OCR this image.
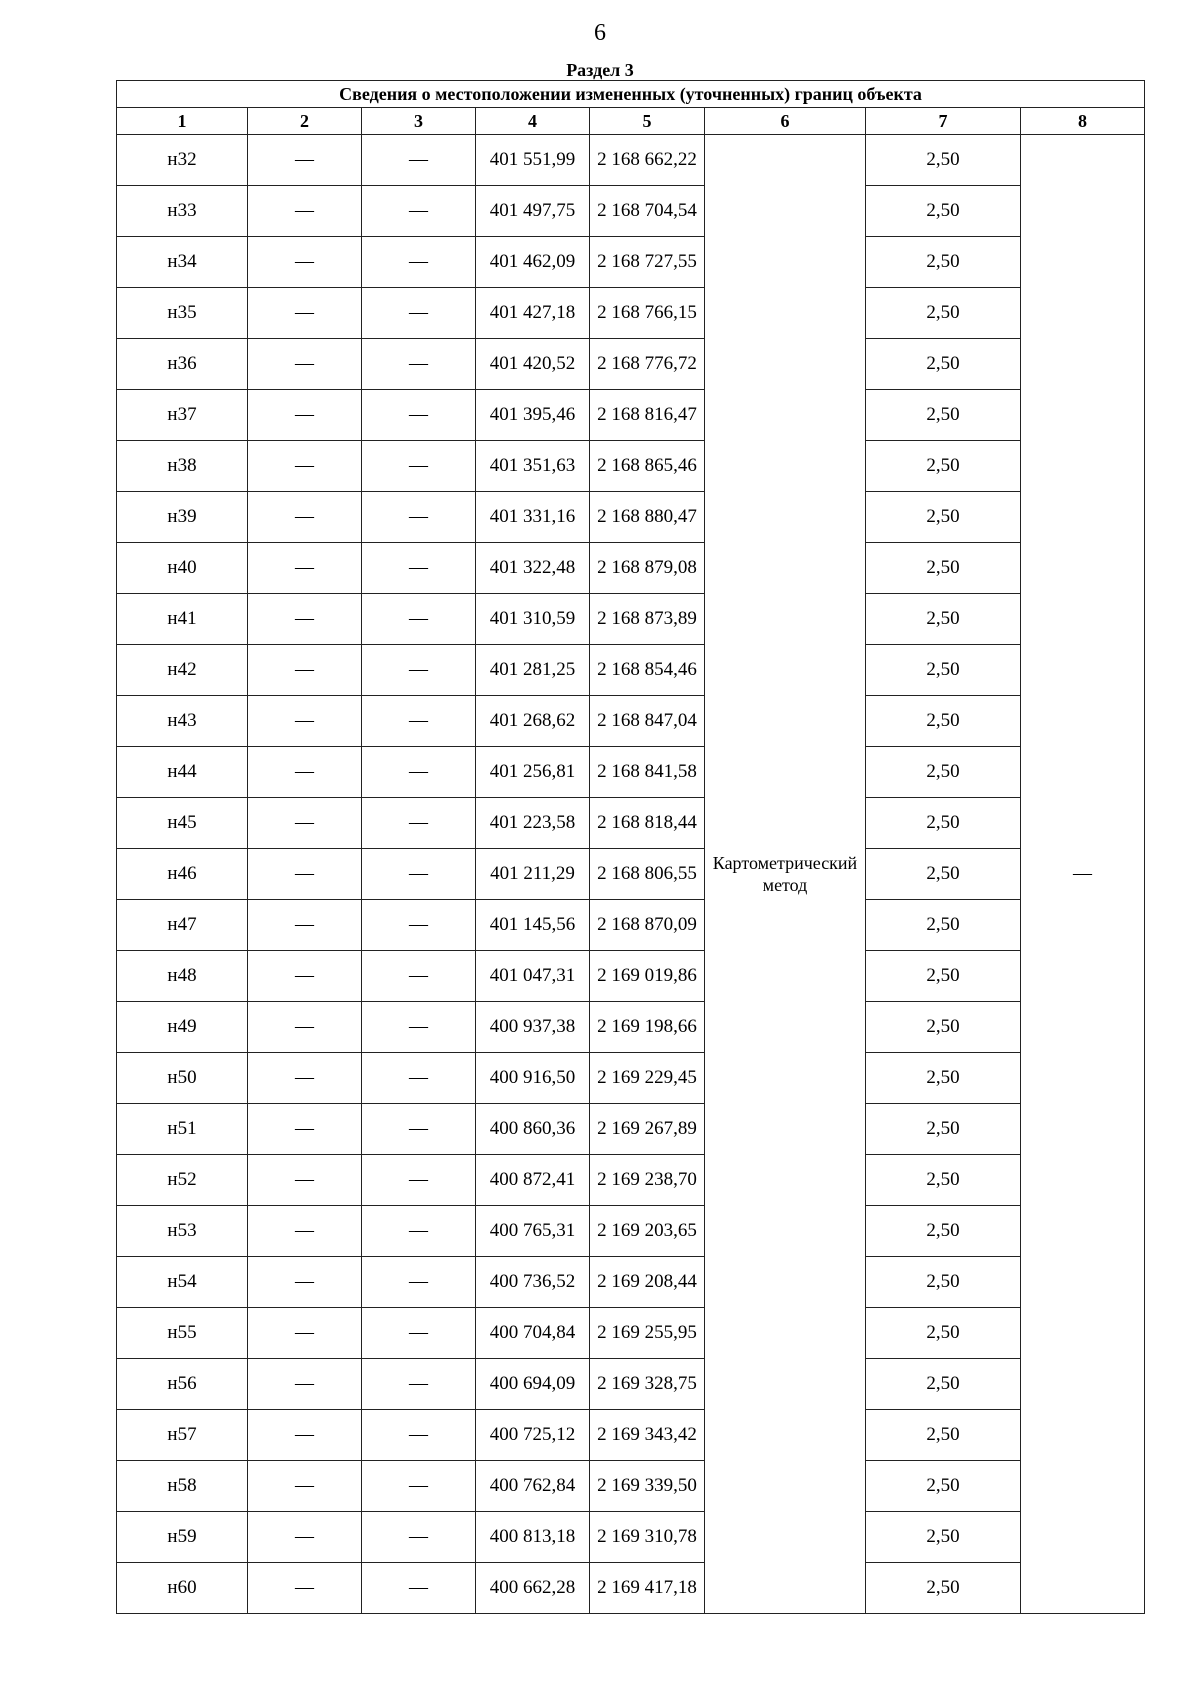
6
Раздел 3
Сведения о местоположении измененных (уточненных) границ объекта							
1	2	3	4	5	6	7	8
н32	—	—	401 551,99	2 168 662,22	Картометрический метод	2,50	—
н33	—	—	401 497,75	2 168 704,54		2,50	
н34	—	—	401 462,09	2 168 727,55		2,50	
н35	—	—	401 427,18	2 168 766,15		2,50	
н36	—	—	401 420,52	2 168 776,72		2,50	
н37	—	—	401 395,46	2 168 816,47		2,50	
н38	—	—	401 351,63	2 168 865,46		2,50	
н39	—	—	401 331,16	2 168 880,47		2,50	
н40	—	—	401 322,48	2 168 879,08		2,50	
н41	—	—	401 310,59	2 168 873,89		2,50	
н42	—	—	401 281,25	2 168 854,46		2,50	
н43	—	—	401 268,62	2 168 847,04		2,50	
н44	—	—	401 256,81	2 168 841,58		2,50	
н45	—	—	401 223,58	2 168 818,44		2,50	
н46	—	—	401 211,29	2 168 806,55		2,50	
н47	—	—	401 145,56	2 168 870,09		2,50	
н48	—	—	401 047,31	2 169 019,86		2,50	
н49	—	—	400 937,38	2 169 198,66		2,50	
н50	—	—	400 916,50	2 169 229,45		2,50	
н51	—	—	400 860,36	2 169 267,89		2,50	
н52	—	—	400 872,41	2 169 238,70		2,50	
н53	—	—	400 765,31	2 169 203,65		2,50	
н54	—	—	400 736,52	2 169 208,44		2,50	
н55	—	—	400 704,84	2 169 255,95		2,50	
н56	—	—	400 694,09	2 169 328,75		2,50	
н57	—	—	400 725,12	2 169 343,42		2,50	
н58	—	—	400 762,84	2 169 339,50		2,50	
н59	—	—	400 813,18	2 169 310,78		2,50	
н60	—	—	400 662,28	2 169 417,18		2,50	
